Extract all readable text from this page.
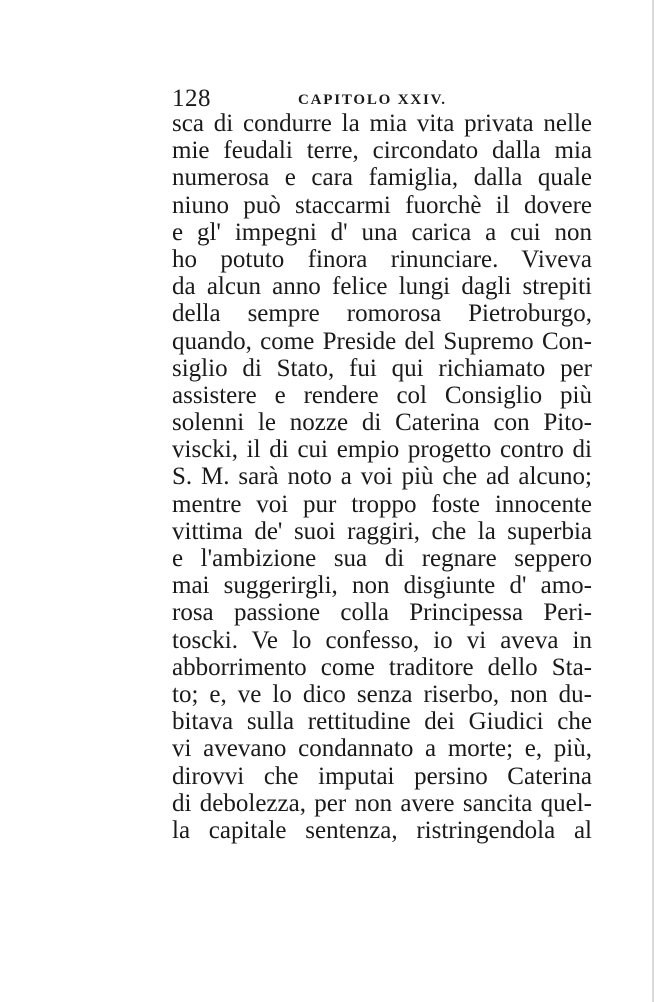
128	CAPITOLO XXIV.
sca di condurre la mia vita privata nelle
mie feudali terre, circondato dalla mia
numerosa e cara famiglia, dalla quale
niuno può staccarmi fuorchè il dovere
e gl' impegni d' una carica a cui non
ho potuto finora rinunciare. Viveva
da alcun anno felice lungi dagli strepiti
della sempre romorosa Pietroburgo,
quando, come Preside del Supremo Con-
siglio di Stato, fui qui richiamato per
assistere e rendere col Consiglio più
solenni le nozze di Caterina con Pito-
viscki, il di cui empio progetto contro di
S. M. sarà noto a voi più che ad alcuno;
mentre voi pur troppo foste innocente
vittima de' suoi raggiri, che la superbia
e l'ambizione sua di regnare seppero
mai suggerirgli, non disgiunte d' amo-
rosa passione colla Principessa Peri-
toscki. Ve lo confesso, io vi aveva in
abborrimento come traditore dello Sta-
to; e, ve lo dico senza riserbo, non du-
bitava sulla rettitudine dei Giudici che
vi avevano condannato a morte; e, più,
dirovvi che imputai persino Caterina
di debolezza, per non avere sancita quel-
la capitale sentenza, ristringendola al
